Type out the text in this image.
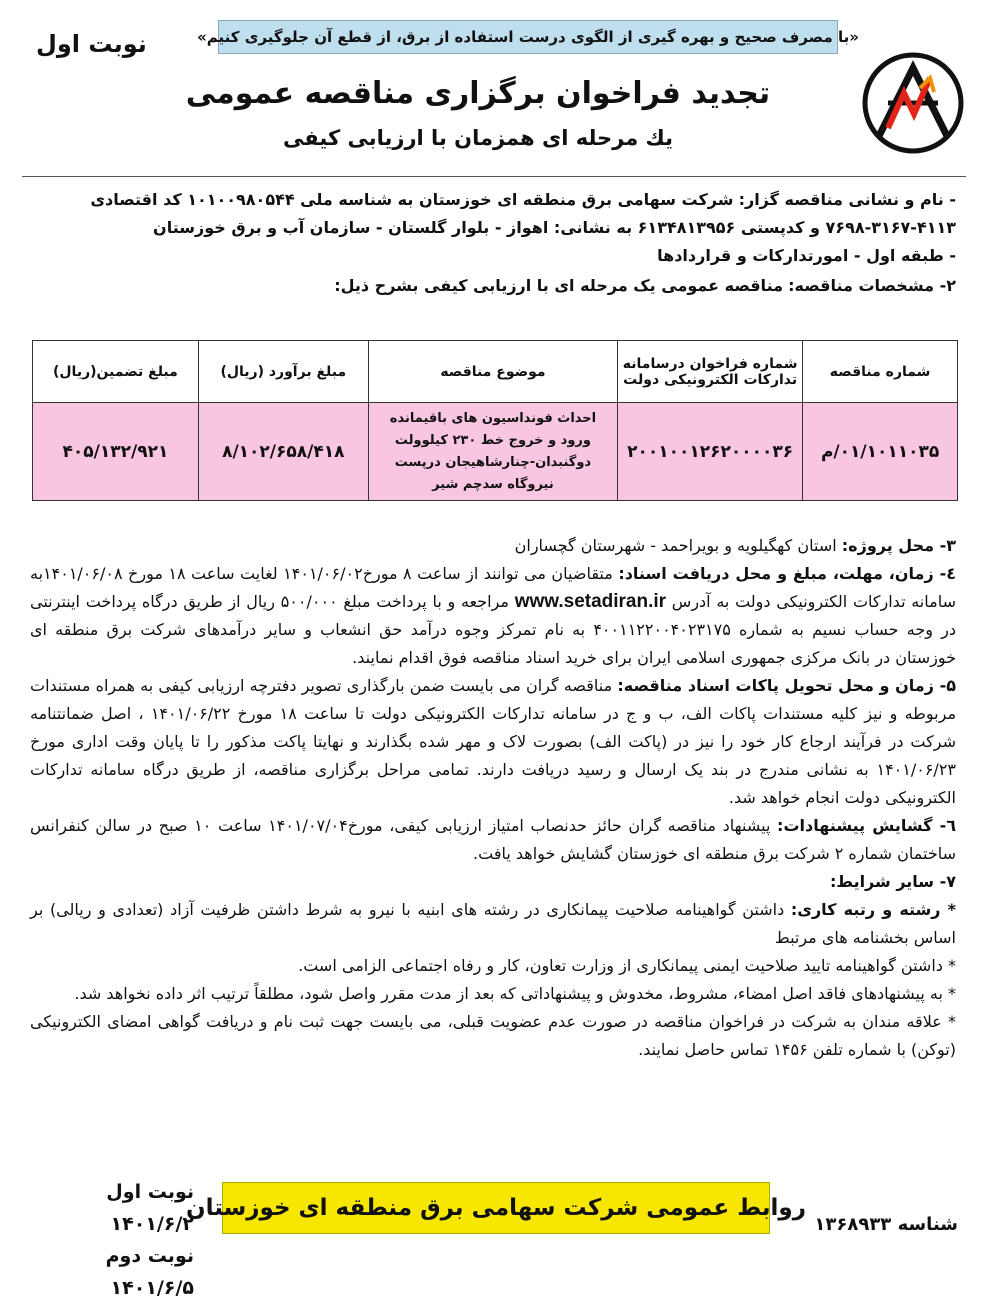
«با مصرف صحیح و بهره گیری از الگوی درست استفاده از برق، از قطع آن جلوگیری کنیم»
نوبت اول
تجدید فراخوان برگزاری مناقصه عمومی
یك مرحله ای همزمان با ارزیابی كیفی
- نام و نشانی مناقصه گزار: شرکت سهامی برق منطقه ای خوزستان به شناسه ملی ۱۰۱۰۰۹۸۰۵۴۴ کد اقتصادی
۷۶۹۸-۳۱۶۷-۴۱۱۳ و کدپستی ۶۱۳۴۸۱۳۹۵۶ به نشانی: اهواز - بلوار گلستان - سازمان آب و برق خوزستان
- طبقه اول - امورتدارکات و قراردادها
۲- مشخصات مناقصه: مناقصه عمومی یک مرحله ای با ارزیابی کیفی بشرح ذیل:
شماره مناقصه	شماره فراخوان درسامانه تدارکات الکترونیکی دولت	موضوع مناقصه	مبلغ برآورد (ریال)	مبلغ تضمین(ریال)
۰۱/۱۰۱۱۰۳۵/م	۲۰۰۱۰۰۱۲۶۲۰۰۰۰۳۶	احداث فونداسیون های باقیمانده ورود و خروج خط ۲۳۰ کیلوولت دوگنبدان-چنارشاهیجان درپست نیروگاه سدچم شیر	۸/۱۰۲/۶۵۸/۴۱۸	۴۰۵/۱۳۲/۹۲۱
۳- محل پروژه: استان کهگیلویه و بویراحمد - شهرستان گچساران
٤- زمان، مهلت، مبلغ و محل دریافت اسناد: متقاضیان می توانند از ساعت ۸ مورخ۱۴۰۱/۰۶/۰۲ لغایت ساعت ۱۸ مورخ ۱۴۰۱/۰۶/۰۸به سامانه تدارکات الکترونیکی دولت به آدرس www.setadiran.ir مراجعه و با پرداخت مبلغ ۵۰۰/۰۰۰ ریال از طریق درگاه پرداخت اینترنتی در وجه حساب نسیم به شماره ۴۰۰۱۱۲۲۰۰۴۰۲۳۱۷۵ به نام تمرکز وجوه درآمد حق انشعاب و سایر درآمدهای شرکت برق منطقه ای خوزستان در بانک مرکزی جمهوری اسلامی ایران برای خرید اسناد مناقصه فوق اقدام نمایند.
۵- زمان و محل تحویل پاکات اسناد مناقصه: مناقصه گران می بایست ضمن بارگذاری تصویر دفترچه ارزیابی کیفی به همراه مستندات مربوطه و نیز کلیه مستندات پاکات الف، ب و ج در سامانه تدارکات الکترونیکی دولت تا ساعت ۱۸ مورخ ۱۴۰۱/۰۶/۲۲ ، اصل ضمانتنامه شرکت در فرآیند ارجاع کار خود را نیز در (پاکت الف) بصورت لاک و مهر شده بگذارند و نهایتا پاکت مذکور را تا پایان وقت اداری مورخ ۱۴۰۱/۰۶/۲۳ به نشانی مندرج در بند یک ارسال و رسید دریافت دارند. تمامی مراحل برگزاری مناقصه، از طریق درگاه سامانه تدارکات الکترونیکی دولت انجام خواهد شد.
٦- گشایش پیشنهادات: پیشنهاد مناقصه گران حائز حدنصاب امتیاز ارزیابی کیفی، مورخ۱۴۰۱/۰۷/۰۴ ساعت ۱۰ صبح در سالن کنفرانس ساختمان شماره ۲ شرکت برق منطقه ای خوزستان گشایش خواهد یافت.
۷- سایر شرایط:
* رشته و رتبه کاری: داشتن گواهینامه صلاحیت پیمانکاری در رشته های ابنیه با نیرو به شرط داشتن ظرفیت آزاد (تعدادی و ریالی) بر اساس بخشنامه های مرتبط
* داشتن گواهینامه تایید صلاحیت ایمنی پیمانکاری از وزارت تعاون، کار و رفاه اجتماعی الزامی است.
* به پیشنهادهای فاقد اصل امضاء، مشروط، مخدوش و پیشنهاداتی که بعد از مدت مقرر واصل شود، مطلقاً ترتیب اثر داده نخواهد شد.
* علاقه مندان به شرکت در فراخوان مناقصه در صورت عدم عضویت قبلی، می بایست جهت ثبت نام و دریافت گواهی امضای الکترونیکی (توکن) با شماره تلفن ۱۴۵۶ تماس حاصل نمایند.
روابط عمومی شرکت سهامی برق منطقه ای خوزستان
نوبت اول ۱۴۰۱/۶/۲
نوبت دوم ۱۴۰۱/۶/۵
شناسه ۱۳۶۸۹۳۳
